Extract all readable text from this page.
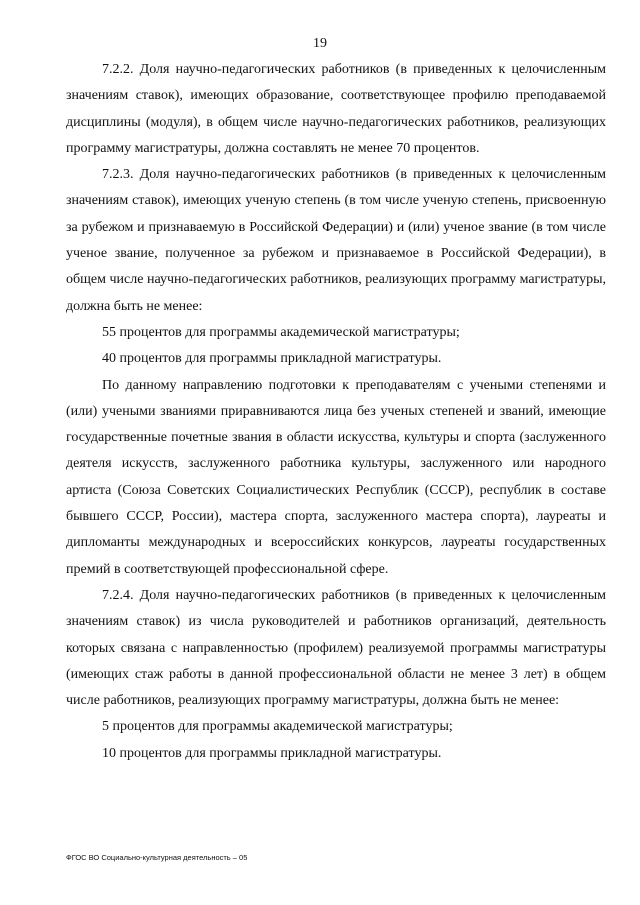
19

7.2.2. Доля научно-педагогических работников (в приведенных к целочисленным значениям ставок), имеющих образование, соответствующее профилю преподаваемой дисциплины (модуля), в общем числе научно-педагогических работников, реализующих программу магистратуры, должна составлять не менее 70 процентов.

7.2.3. Доля научно-педагогических работников (в приведенных к целочисленным значениям ставок), имеющих ученую степень (в том числе ученую степень, присвоенную за рубежом и признаваемую в Российской Федерации) и (или) ученое звание (в том числе ученое звание, полученное за рубежом и признаваемое в Российской Федерации), в общем числе научно-педагогических работников, реализующих программу магистратуры, должна быть не менее:

55 процентов для программы академической магистратуры;

40 процентов для программы прикладной магистратуры.

По данному направлению подготовки к преподавателям с учеными степенями и (или) учеными званиями приравниваются лица без ученых степеней и званий, имеющие государственные почетные звания в области искусства, культуры и спорта (заслуженного деятеля искусств, заслуженного работника культуры, заслуженного или народного артиста (Союза Советских Социалистических Республик (СССР), республик в составе бывшего СССР, России), мастера спорта, заслуженного мастера спорта), лауреаты и дипломанты международных и всероссийских конкурсов, лауреаты государственных премий в соответствующей профессиональной сфере.

7.2.4. Доля научно-педагогических работников (в приведенных к целочисленным значениям ставок) из числа руководителей и работников организаций, деятельность которых связана с направленностью (профилем) реализуемой программы магистратуры (имеющих стаж работы в данной профессиональной области не менее 3 лет) в общем числе работников, реализующих программу магистратуры, должна быть не менее:

5 процентов для программы академической магистратуры;

10 процентов для программы прикладной магистратуры.

ФГОС ВО Социально-культурная деятельность – 05
